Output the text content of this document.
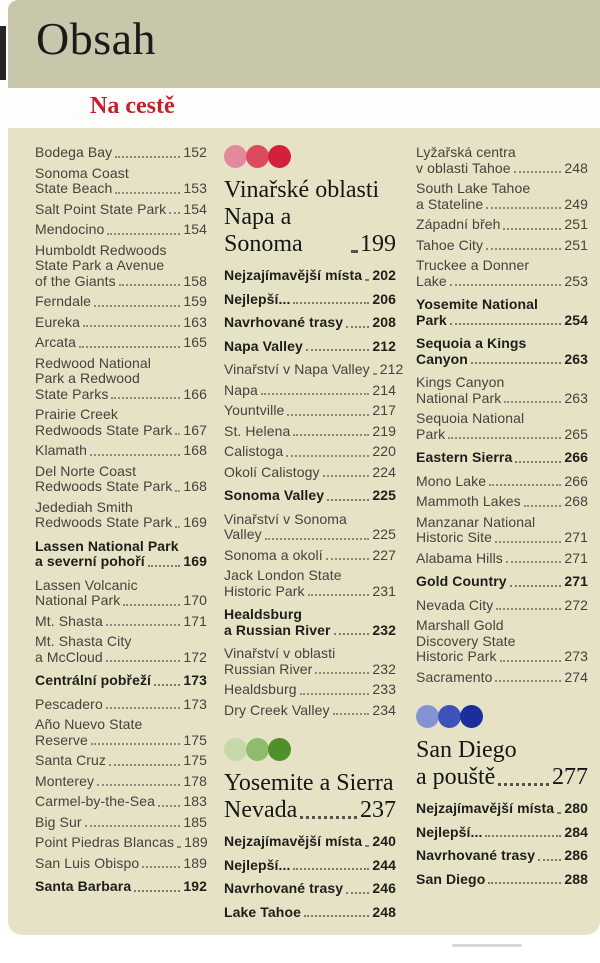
Obsah
Na cestě
Bodega Bay	152
Sonoma Coast
State Beach	153
Salt Point State Park 154
Mendocino	154
Humboldt Redwoods
State Park a Avenue
of the Giants	158
Ferndale	159
Eureka	163
Arcata	165
Redwood National
Park a Redwood
State Parks	166
Prairie Creek
Redwoods State Park 167
Klamath	168
Del Norte Coast
Redwoods State Park 168
Jedediah Smith
Redwoods State Park 169
Lassen National Park
a severní pohoří	169
Lassen Volcanic
National Park	170
Mt. Shasta	171
Mt. Shasta City
a McCloud	172
Centrální pobřeží 173
Pescadero	173
Año Nuevo State
Reserve	175
Santa Cruz	175
Monterey	178
Carmel-by-the-Sea 183
Big Sur	185
Point Piedras Blancas 189
San Luis Obispo	189
Santa Barbara	192
Vinařské oblasti
Napa a Sonoma	199
Nejzajímavější místa 202
Nejlepší...	206
Navrhované trasy 208
Napa Valley	212
Vinařství v Napa Valley 212
Napa	214
Yountville	217
St. Helena	219
Calistoga	220
Okolí Calistogy	224
Sonoma Valley	225
Vinařství v Sonoma
Valley	225
Sonoma a okolí	227
Jack London State
Historic Park	231
Healdsburg
a Russian River	232
Vinařství v oblasti
Russian River	232
Healdsburg	233
Dry Creek Valley	234
Yosemite a Sierra
Nevada	237
Nejzajímavější místa 240
Nejlepší...	244
Navrhované trasy 246
Lake Tahoe	248
Lyžařská centra
v oblasti Tahoe	248
South Lake Tahoe
a Stateline	249
Západní břeh	251
Tahoe City	251
Truckee a Donner
Lake	253
Yosemite National
Park	254
Sequoia a Kings
Canyon	263
Kings Canyon
National Park	263
Sequoia National
Park	265
Eastern Sierra	266
Mono Lake	266
Mammoth Lakes	268
Manzanar National
Historic Site	271
Alabama Hills	271
Gold Country	271
Nevada City	272
Marshall Gold
Discovery State
Historic Park	273
Sacramento	274
San Diego
a pouště 277
Nejzajímavější místa 280
Nejlepší...	284
Navrhované trasy 286
San Diego	288
